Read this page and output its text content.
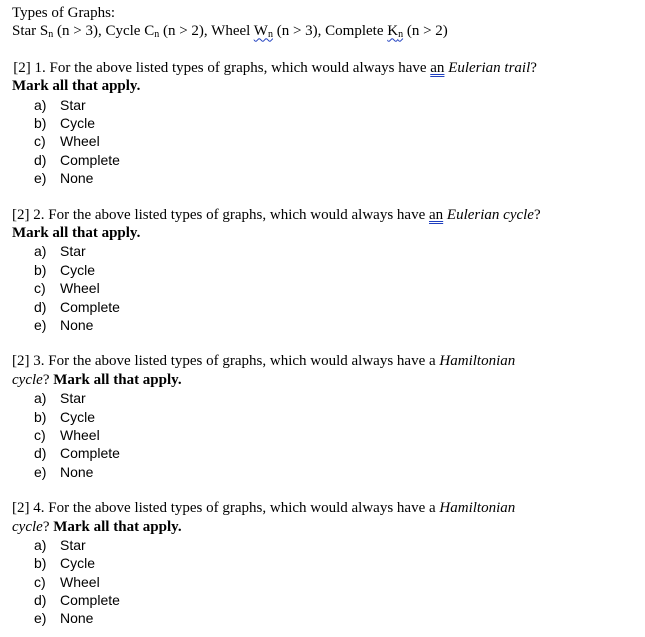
Types of Graphs:
Star $S_n$ (n > 3), Cycle $C_n$ (n > 2), Wheel $W_n$ (n > 3), Complete $K_n$ (n > 2)
 [2] 1. For the above listed types of graphs, which would always have an Eulerian trail?
Mark all that apply.
a) Star
b) Cycle
c) Wheel
d) Complete
e) None
[2] 2. For the above listed types of graphs, which would always have an Eulerian cycle?
Mark all that apply.
a) Star
b) Cycle
c) Wheel
d) Complete
e) None
[2] 3. For the above listed types of graphs, which would always have a Hamiltonian
cycle? Mark all that apply.
a) Star
b) Cycle
c) Wheel
d) Complete
e) None
[2] 4. For the above listed types of graphs, which would always have a Hamiltonian
cycle? Mark all that apply.
a) Star
b) Cycle
c) Wheel
d) Complete
e) None
